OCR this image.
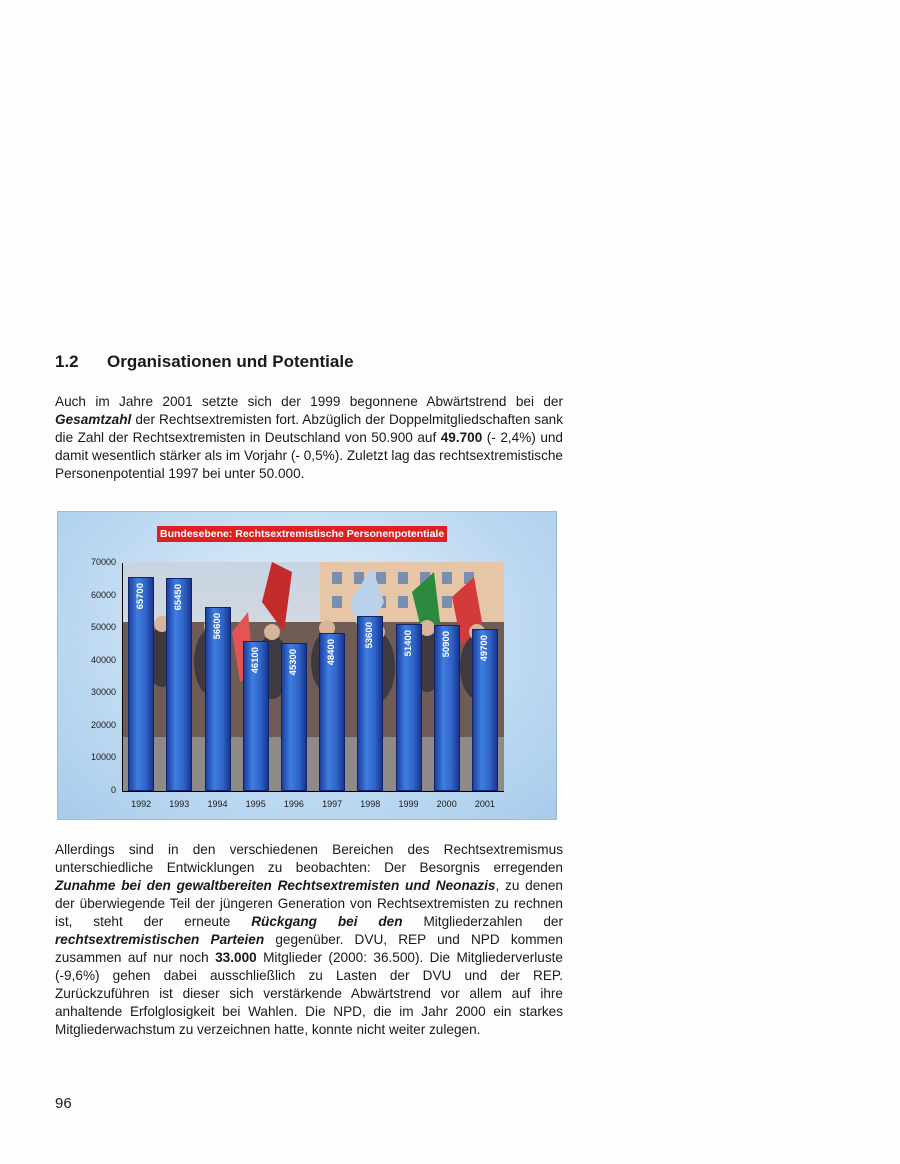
1.2 Organisationen und Potentiale

Auch im Jahre 2001 setzte sich der 1999 begonnene Abwärtstrend bei der Gesamtzahl der Rechtsextremisten fort. Abzüglich der Doppelmitgliedschaften sank die Zahl der Rechtsextremisten in Deutschland von 50.900 auf 49.700 (- 2,4%) und damit wesentlich stärker als im Vorjahr (- 0,5%). Zuletzt lag das rechtsextremistische Personenpotential 1997 bei unter 50.000.

Bundesebene: Rechtsextremistische Personenpotentiale
0
10000
20000
30000
40000
50000
60000
70000
65700
1992
65450
1993
56600
1994
46100
1995
45300
1996
48400
1997
53600
1998
51400
1999
50900
2000
49700
2001
Allerdings sind in den verschiedenen Bereichen des Rechtsextremismus unterschiedliche Entwicklungen zu beobachten: Der Besorgnis erregenden Zunahme bei den gewaltbereiten Rechtsextremisten und Neonazis, zu denen der überwiegende Teil der jüngeren Generation von Rechtsextremisten zu rechnen ist, steht der erneute Rückgang bei den Mitgliederzahlen der rechtsextremistischen Parteien gegenüber. DVU, REP und NPD kommen zusammen auf nur noch 33.000 Mitglieder (2000: 36.500). Die Mitgliederverluste (-9,6%) gehen dabei ausschließlich zu Lasten der DVU und der REP. Zurückzuführen ist dieser sich verstärkende Abwärtstrend vor allem auf ihre anhaltende Erfolglosigkeit bei Wahlen. Die NPD, die im Jahr 2000 ein starkes Mitgliederwachstum zu verzeichnen hatte, konnte nicht weiter zulegen.
96
